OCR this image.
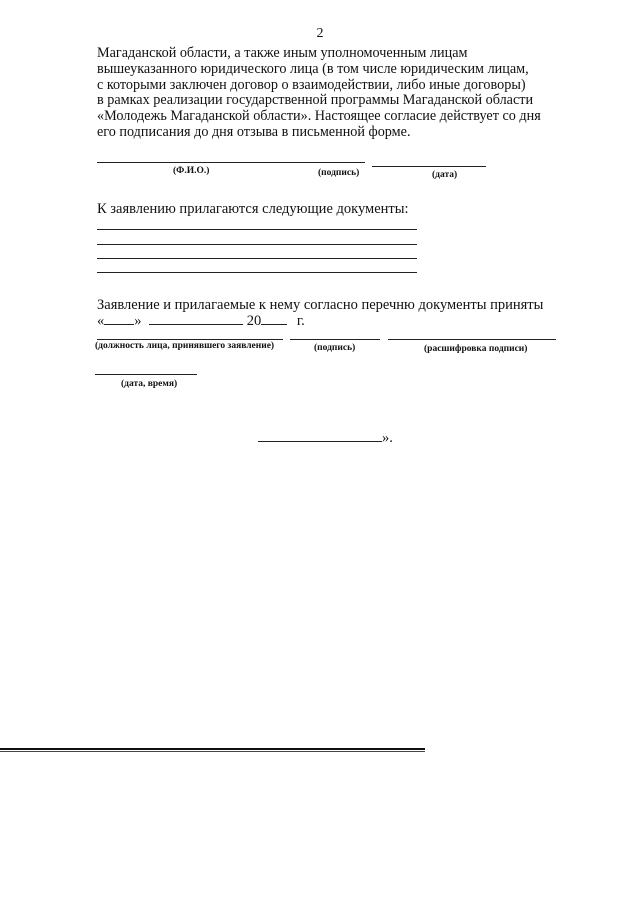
2

Магаданской области, а также иным уполномоченным лицам

вышеуказанного юридического лица (в том числе юридическим лицам,

с которыми заключен договор о взаимодействии, либо иные договоры)

в рамках реализации государственной программы Магаданской области

«Молодежь Магаданской области». Настоящее согласие действует со дня

его подписания до дня отзыва в письменной форме.

(Ф.И.О.)	(подпись)	(дата)
К заявлению прилагаются следующие документы:
Заявление и прилагаемые к нему согласно перечню документы приняты
« »	20 г.
(должность лица, принявшего заявление)	(подпись)	(расшифровка подписи)
(дата, время)
».
